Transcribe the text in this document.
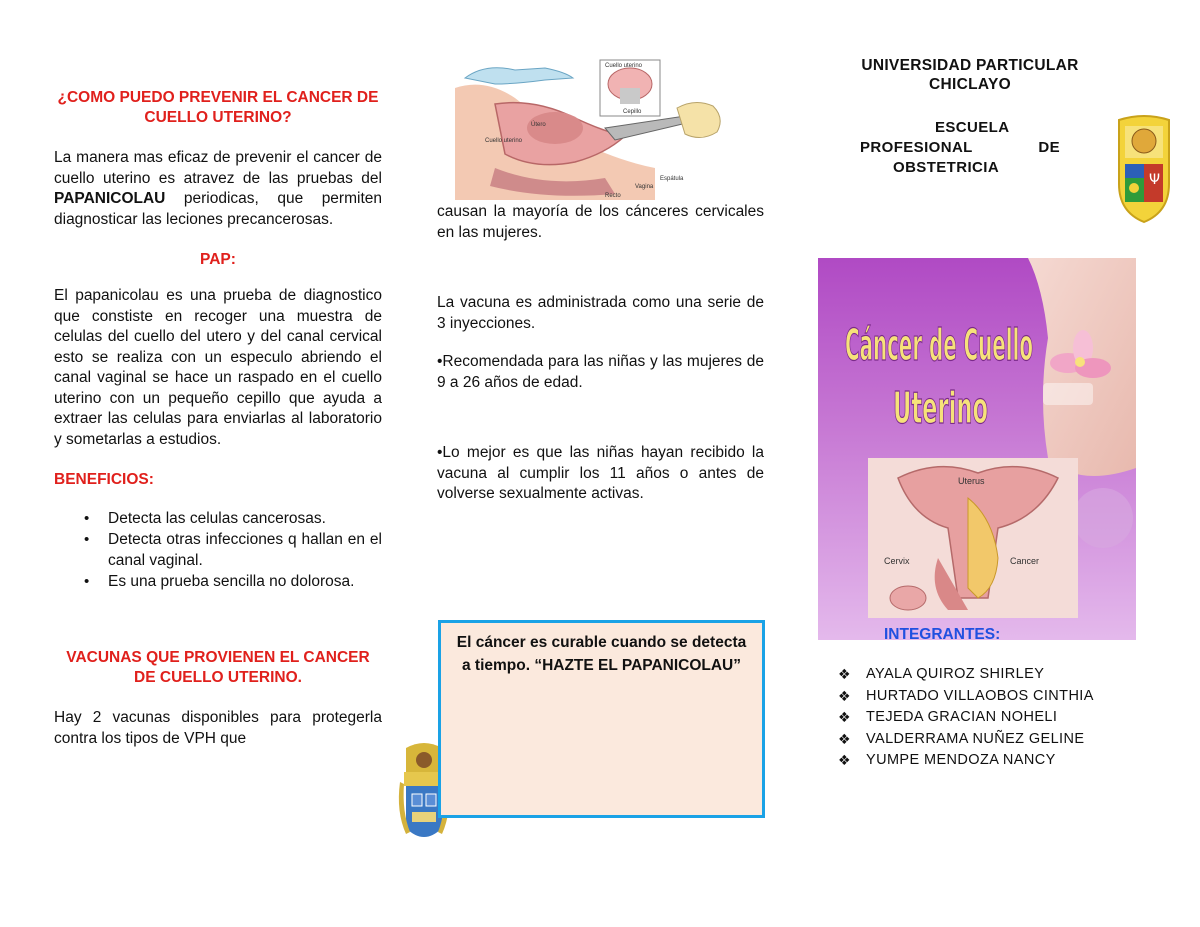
¿COMO PUEDO PREVENIR EL CANCER DE CUELLO UTERINO?

La manera mas eficaz de prevenir el cancer de cuello uterino es atravez de las pruebas del PAPANICOLAU periodicas, que permiten diagnosticar las leciones precancerosas.

PAP:

El papanicolau es una prueba de diagnostico que constiste en recoger una muestra de celulas del cuello del utero y del canal cervical esto se realiza con un especulo abriendo el canal vaginal se hace un raspado en el cuello uterino con un pequeño cepillo que ayuda a extraer las celulas para enviarlas al laboratorio y sometarlas a estudios.

BENEFICIOS:
• Detecta las celulas cancerosas.
• Detecta otras infecciones q hallan en el canal vaginal.
• Es una prueba sencilla no dolorosa.
VACUNAS QUE PROVIENEN EL CANCER DE CUELLO UTERINO.

Hay 2 vacunas disponibles para protegerla contra los tipos de VPH que

Cuello uterino
Cepillo
Útero
Cuello uterino
Espátula
Vagina
Recto

causan la mayoría de los cánceres cervicales en las mujeres.

La vacuna es administrada como una serie de 3 inyecciones.

•Recomendada para las niñas y las mujeres de 9 a 26 años de edad.

•Lo mejor es que las niñas hayan recibido la vacuna al cumplir los 11 años o antes de volverse sexualmente activas.

El cáncer es curable cuando se detecta a tiempo. “HAZTE EL PAPANICOLAU”
UNIVERSIDAD PARTICULAR CHICLAYO
ESCUELA
PROFESIONAL	DE
OBSTETRICIA
Ψ
Cáncer de Cuello
Uterino
Uterus
Cervix	Cancer
INTEGRANTES:
❖ AYALA QUIROZ SHIRLEY
❖ HURTADO VILLAOBOS CINTHIA
❖ TEJEDA GRACIAN NOHELI
❖ VALDERRAMA NUÑEZ GELINE
❖ YUMPE MENDOZA NANCY
